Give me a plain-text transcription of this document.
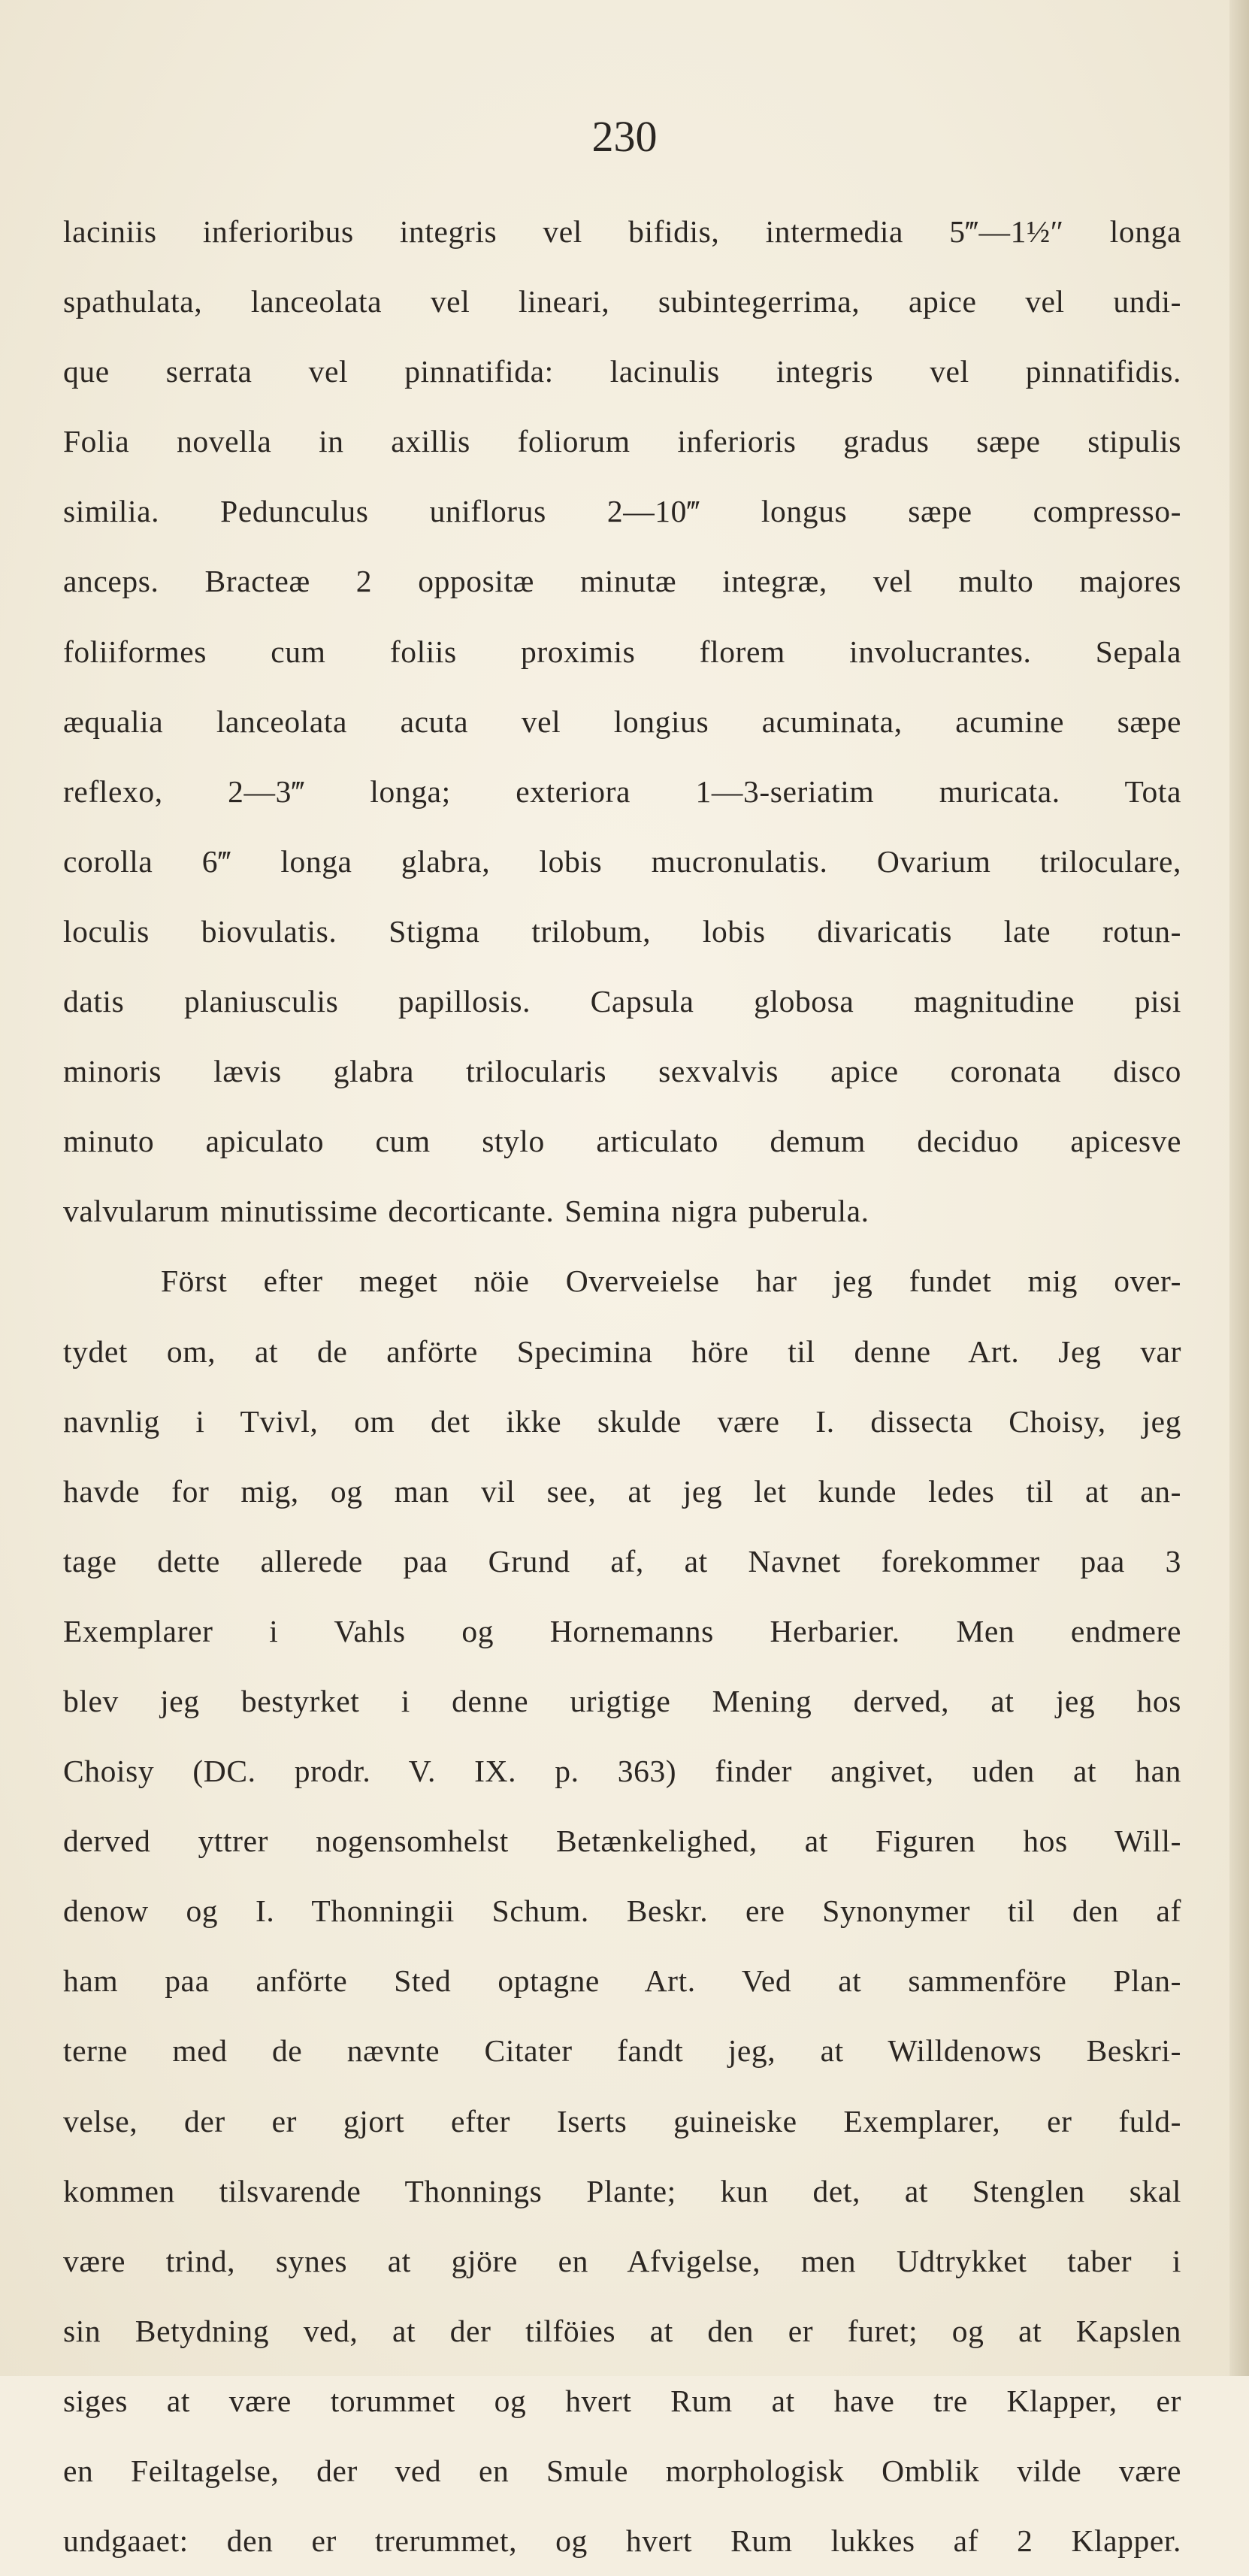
230
laciniis inferioribus integris vel bifidis, intermedia 5‴—1½″ longa
spathulata, lanceolata vel lineari, subintegerrima, apice vel undi-
que serrata vel pinnatifida: lacinulis integris vel pinnatifidis.
Folia novella in axillis foliorum inferioris gradus sæpe stipulis
similia. Pedunculus uniflorus 2—10‴ longus sæpe compresso-
anceps. Bracteæ 2 oppositæ minutæ integræ, vel multo majores
foliiformes cum foliis proximis florem involucrantes. Sepala
æqualia lanceolata acuta vel longius acuminata, acumine sæpe
reflexo, 2—3‴ longa; exteriora 1—3-seriatim muricata. Tota
corolla 6‴ longa glabra, lobis mucronulatis. Ovarium triloculare,
loculis biovulatis. Stigma trilobum, lobis divaricatis late rotun-
datis planiusculis papillosis. Capsula globosa magnitudine pisi
minoris lævis glabra trilocularis sexvalvis apice coronata disco
minuto apiculato cum stylo articulato demum deciduo apicesve
valvularum minutissime decorticante. Semina nigra puberula.
Först efter meget nöie Overveielse har jeg fundet mig over-
tydet om, at de anförte Specimina höre til denne Art. Jeg var
navnlig i Tvivl, om det ikke skulde være I. dissecta Choisy, jeg
havde for mig, og man vil see, at jeg let kunde ledes til at an-
tage dette allerede paa Grund af, at Navnet forekommer paa 3
Exemplarer i Vahls og Hornemanns Herbarier. Men endmere
blev jeg bestyrket i denne urigtige Mening derved, at jeg hos
Choisy (DC. prodr. V. IX. p. 363) finder angivet, uden at han
derved yttrer nogensomhelst Betænkelighed, at Figuren hos Will-
denow og I. Thonningii Schum. Beskr. ere Synonymer til den af
ham paa anförte Sted optagne Art. Ved at sammenföre Plan-
terne med de nævnte Citater fandt jeg, at Willdenows Beskri-
velse, der er gjort efter Iserts guineiske Exemplarer, er fuld-
kommen tilsvarende Thonnings Plante; kun det, at Stenglen skal
være trind, synes at gjöre en Afvigelse, men Udtrykket taber i
sin Betydning ved, at der tilföies at den er furet; og at Kapslen
siges at være torummet og hvert Rum at have tre Klapper, er
en Feiltagelse, der ved en Smule morphologisk Omblik vilde være
undgaaet: den er trerummet, og hvert Rum lukkes af 2 Klapper.
